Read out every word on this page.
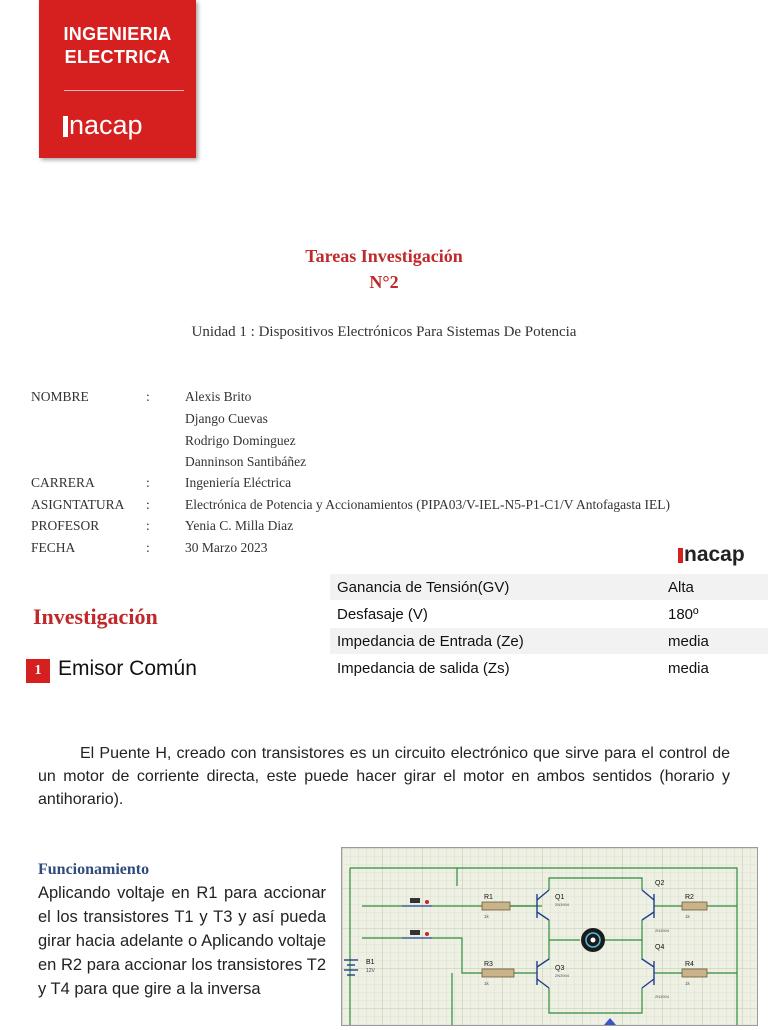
INGENIERIA
ELECTRICA
nacap
Tareas Investigación
N°2
Unidad 1 : Dispositivos Electrónicos Para Sistemas De Potencia
NOMBRE	:	Alexis Brito
Django Cuevas
Rodrigo Dominguez
Danninson Santibáñez
CARRERA	:	Ingeniería Eléctrica
ASIGNTATURA :	Electrónica de Potencia y Accionamientos (PIPA03/V-IEL-N5-P1-C1/V Antofagasta IEL)
PROFESOR	:	Yenia C. Milla Diaz
FECHA	:	30 Marzo 2023	nacap
Ganancia de Tensión(GV)	Alta
Desfasaje (V)	180º
Impedancia de Entrada (Ze)	media
Impedancia de salida (Zs)	media
Investigación
1 Emisor Común
El Puente H, creado con transistores es un circuito electrónico que sirve para el control de un motor de corriente directa, este puede hacer girar el motor en ambos sentidos (horario y antihorario).
Funcionamiento
Aplicando voltaje en R1 para accionar el los transistores T1 y T3 y así pueda girar hacia adelante o Aplicando voltaje en R2 para accionar los transistores T2 y T4 para que gire a la inversa
B1
12V
R1
R3
R2
R4
1k
1k
1k
1k
Q1
Q3
Q2
Q4
2N3904
2N3904
2N3904
2N3904
